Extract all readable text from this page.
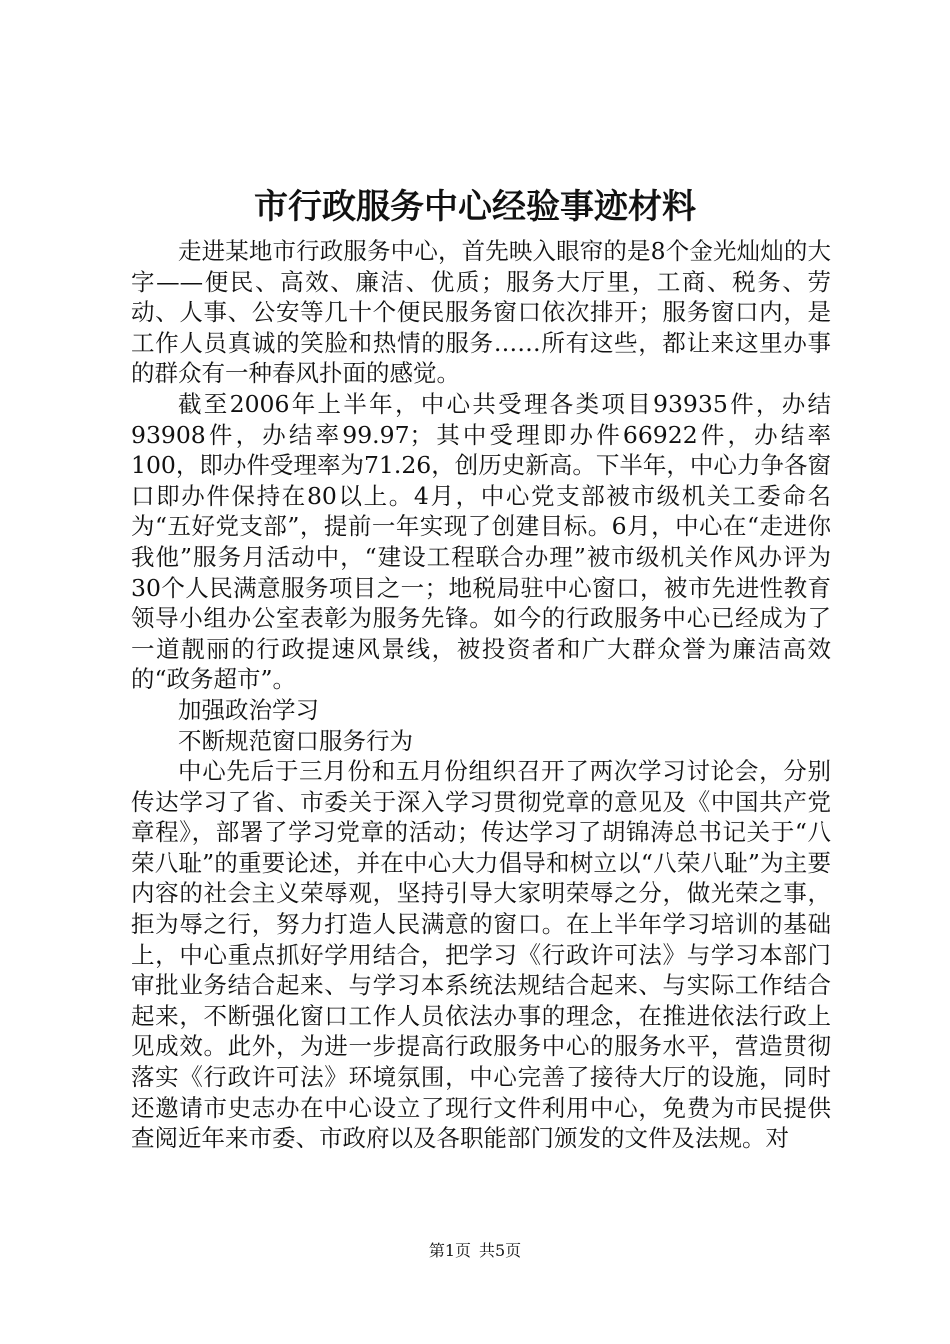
市行政服务中心经验事迹材料

走进某地市行政服务中心，首先映入眼帘的是8个金光灿灿的大字——便民、高效、廉洁、优质；服务大厅里，工商、税务、劳动、人事、公安等几十个便民服务窗口依次排开；服务窗口内，是工作人员真诚的笑脸和热情的服务……所有这些，都让来这里办事的群众有一种春风扑面的感觉。

截至2006年上半年，中心共受理各类项目93935件，办结93908件，办结率99.97；其中受理即办件66922件，办结率100，即办件受理率为71.26，创历史新高。下半年，中心力争各窗口即办件保持在80以上。4月，中心党支部被市级机关工委命名为“五好党支部”，提前一年实现了创建目标。6月，中心在“走进你我他”服务月活动中，“建设工程联合办理”被市级机关作风办评为30个人民满意服务项目之一；地税局驻中心窗口，被市先进性教育领导小组办公室表彰为服务先锋。如今的行政服务中心已经成为了一道靓丽的行政提速风景线，被投资者和广大群众誉为廉洁高效的“政务超市”。

加强政治学习

不断规范窗口服务行为

中心先后于三月份和五月份组织召开了两次学习讨论会，分别传达学习了省、市委关于深入学习贯彻党章的意见及《中国共产党章程》，部署了学习党章的活动；传达学习了胡锦涛总书记关于“八荣八耻”的重要论述，并在中心大力倡导和树立以“八荣八耻”为主要内容的社会主义荣辱观，坚持引导大家明荣辱之分，做光荣之事，拒为辱之行，努力打造人民满意的窗口。在上半年学习培训的基础上，中心重点抓好学用结合，把学习《行政许可法》与学习本部门审批业务结合起来、与学习本系统法规结合起来、与实际工作结合起来，不断强化窗口工作人员依法办事的理念，在推进依法行政上见成效。此外，为进一步提高行政服务中心的服务水平，营造贯彻落实《行政许可法》环境氛围，中心完善了接待大厅的设施，同时还邀请市史志办在中心设立了现行文件利用中心，免费为市民提供查阅近年来市委、市政府以及各职能部门颁发的文件及法规。对

第1页 共5页
